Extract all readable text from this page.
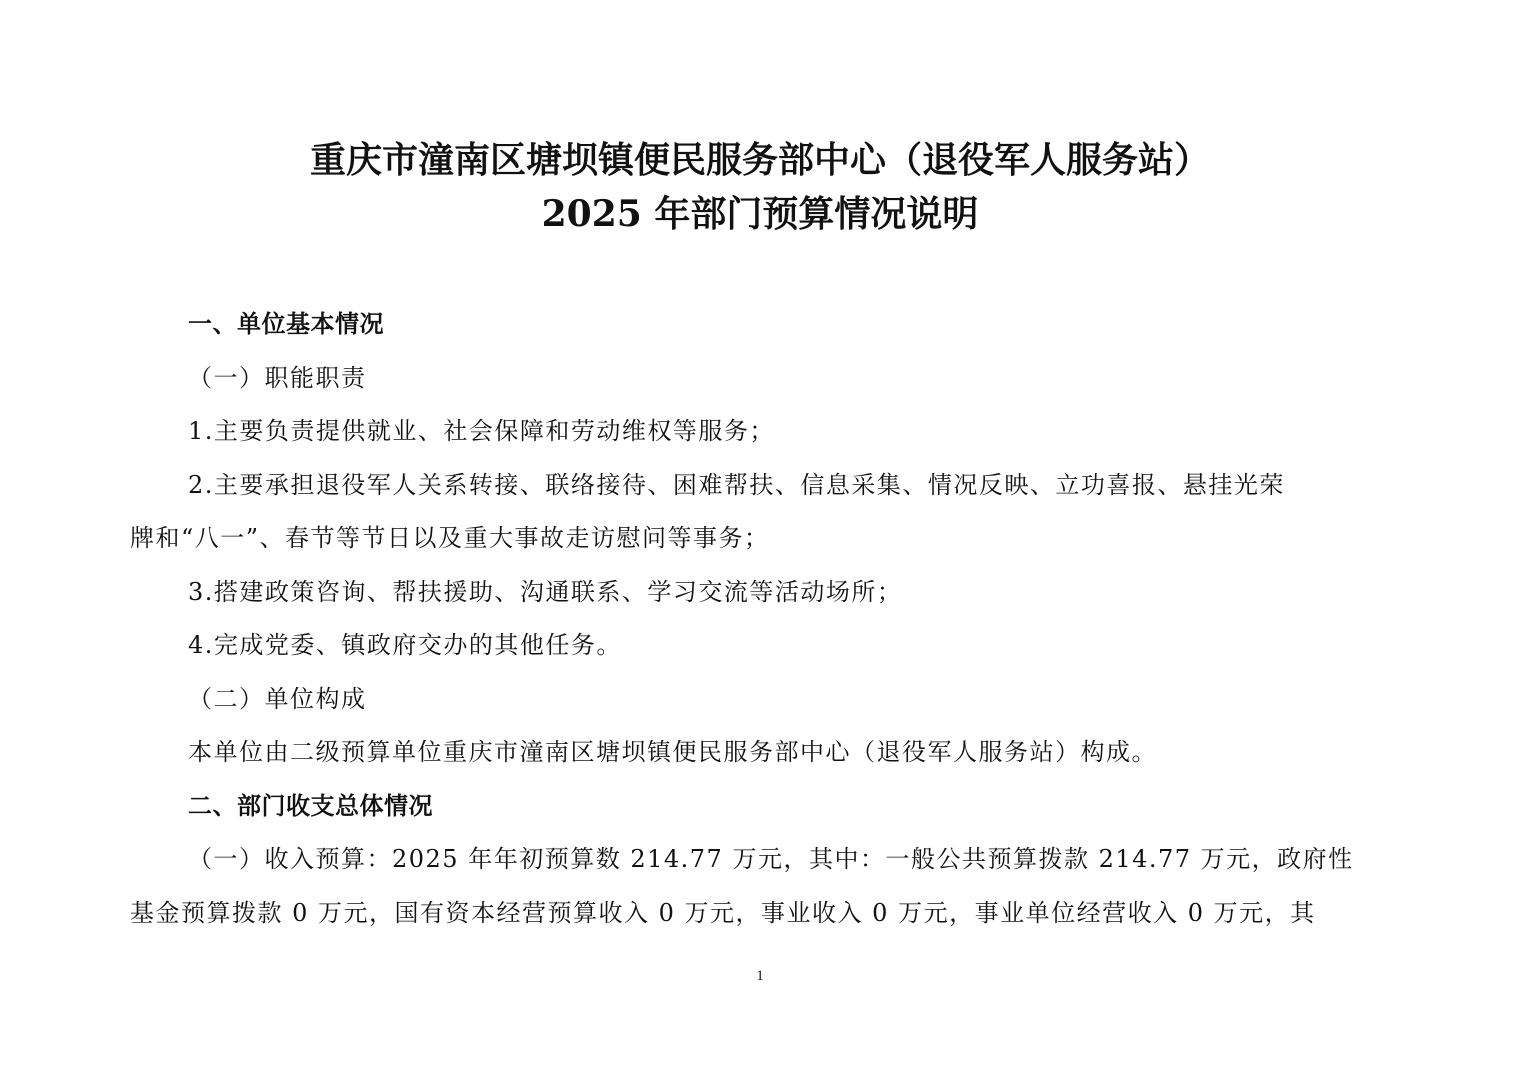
重庆市潼南区塘坝镇便民服务部中心（退役军人服务站）
2025 年部门预算情况说明
一、单位基本情况
（一）职能职责
1.主要负责提供就业、社会保障和劳动维权等服务；
2.主要承担退役军人关系转接、联络接待、困难帮扶、信息采集、情况反映、立功喜报、悬挂光荣
牌和“八一”、春节等节日以及重大事故走访慰问等事务；
3.搭建政策咨询、帮扶援助、沟通联系、学习交流等活动场所；
4.完成党委、镇政府交办的其他任务。
（二）单位构成
本单位由二级预算单位重庆市潼南区塘坝镇便民服务部中心（退役军人服务站）构成。
二、部门收支总体情况
（一）收入预算：2025 年年初预算数 214.77 万元，其中：一般公共预算拨款 214.77 万元，政府性
基金预算拨款 0 万元，国有资本经营预算收入 0 万元，事业收入 0 万元，事业单位经营收入 0 万元，其
1
